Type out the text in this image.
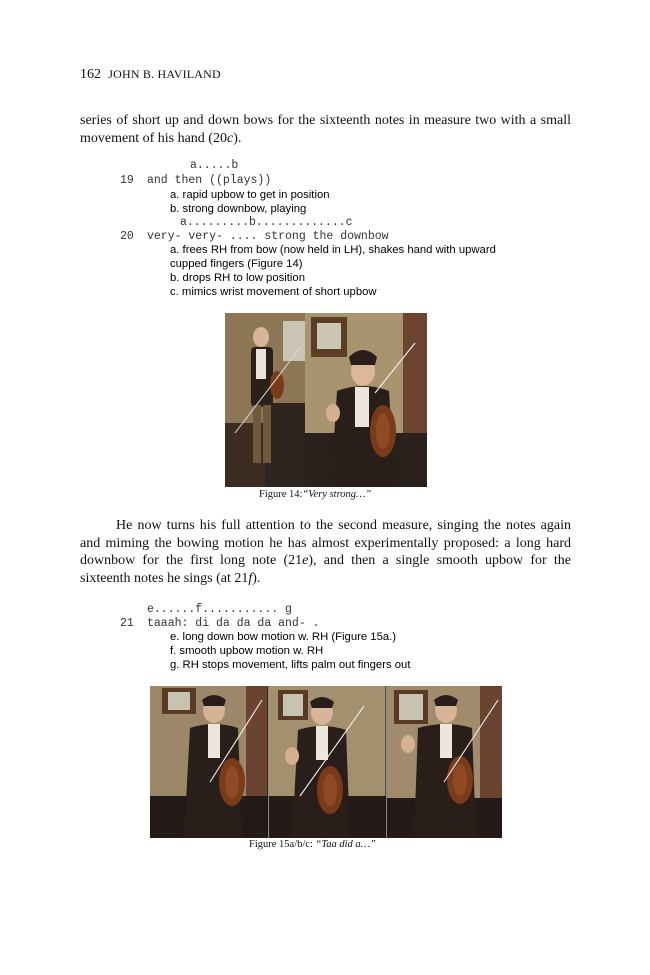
162 JOHN B. HAVILAND
series of short up and down bows for the sixteenth notes in measure two with a small movement of his hand (20c).
a.....b
19 and then ((plays))
a. rapid upbow to get in position
b. strong downbow, playing
a.........b.............c
20 very- very- .... strong the downbow
a. frees RH from bow (now held in LH), shakes hand with upward
cupped fingers (Figure 14)
b. drops RH to low position
c. mimics wrist movement of short upbow
Figure 14:“Very strong…”
He now turns his full attention to the second measure, singing the notes again and miming the bowing motion he has almost experimentally proposed: a long hard downbow for the first long note (21e), and then a single smooth upbow for the sixteenth notes he sings (at 21f).
e......f........... g
21 taaah: di da da da and- .
e. long down bow motion w. RH (Figure 15a.)
f. smooth upbow motion w. RH
g. RH stops movement, lifts palm out fingers out
Figure 15a/b/c: “Taa did a…”
